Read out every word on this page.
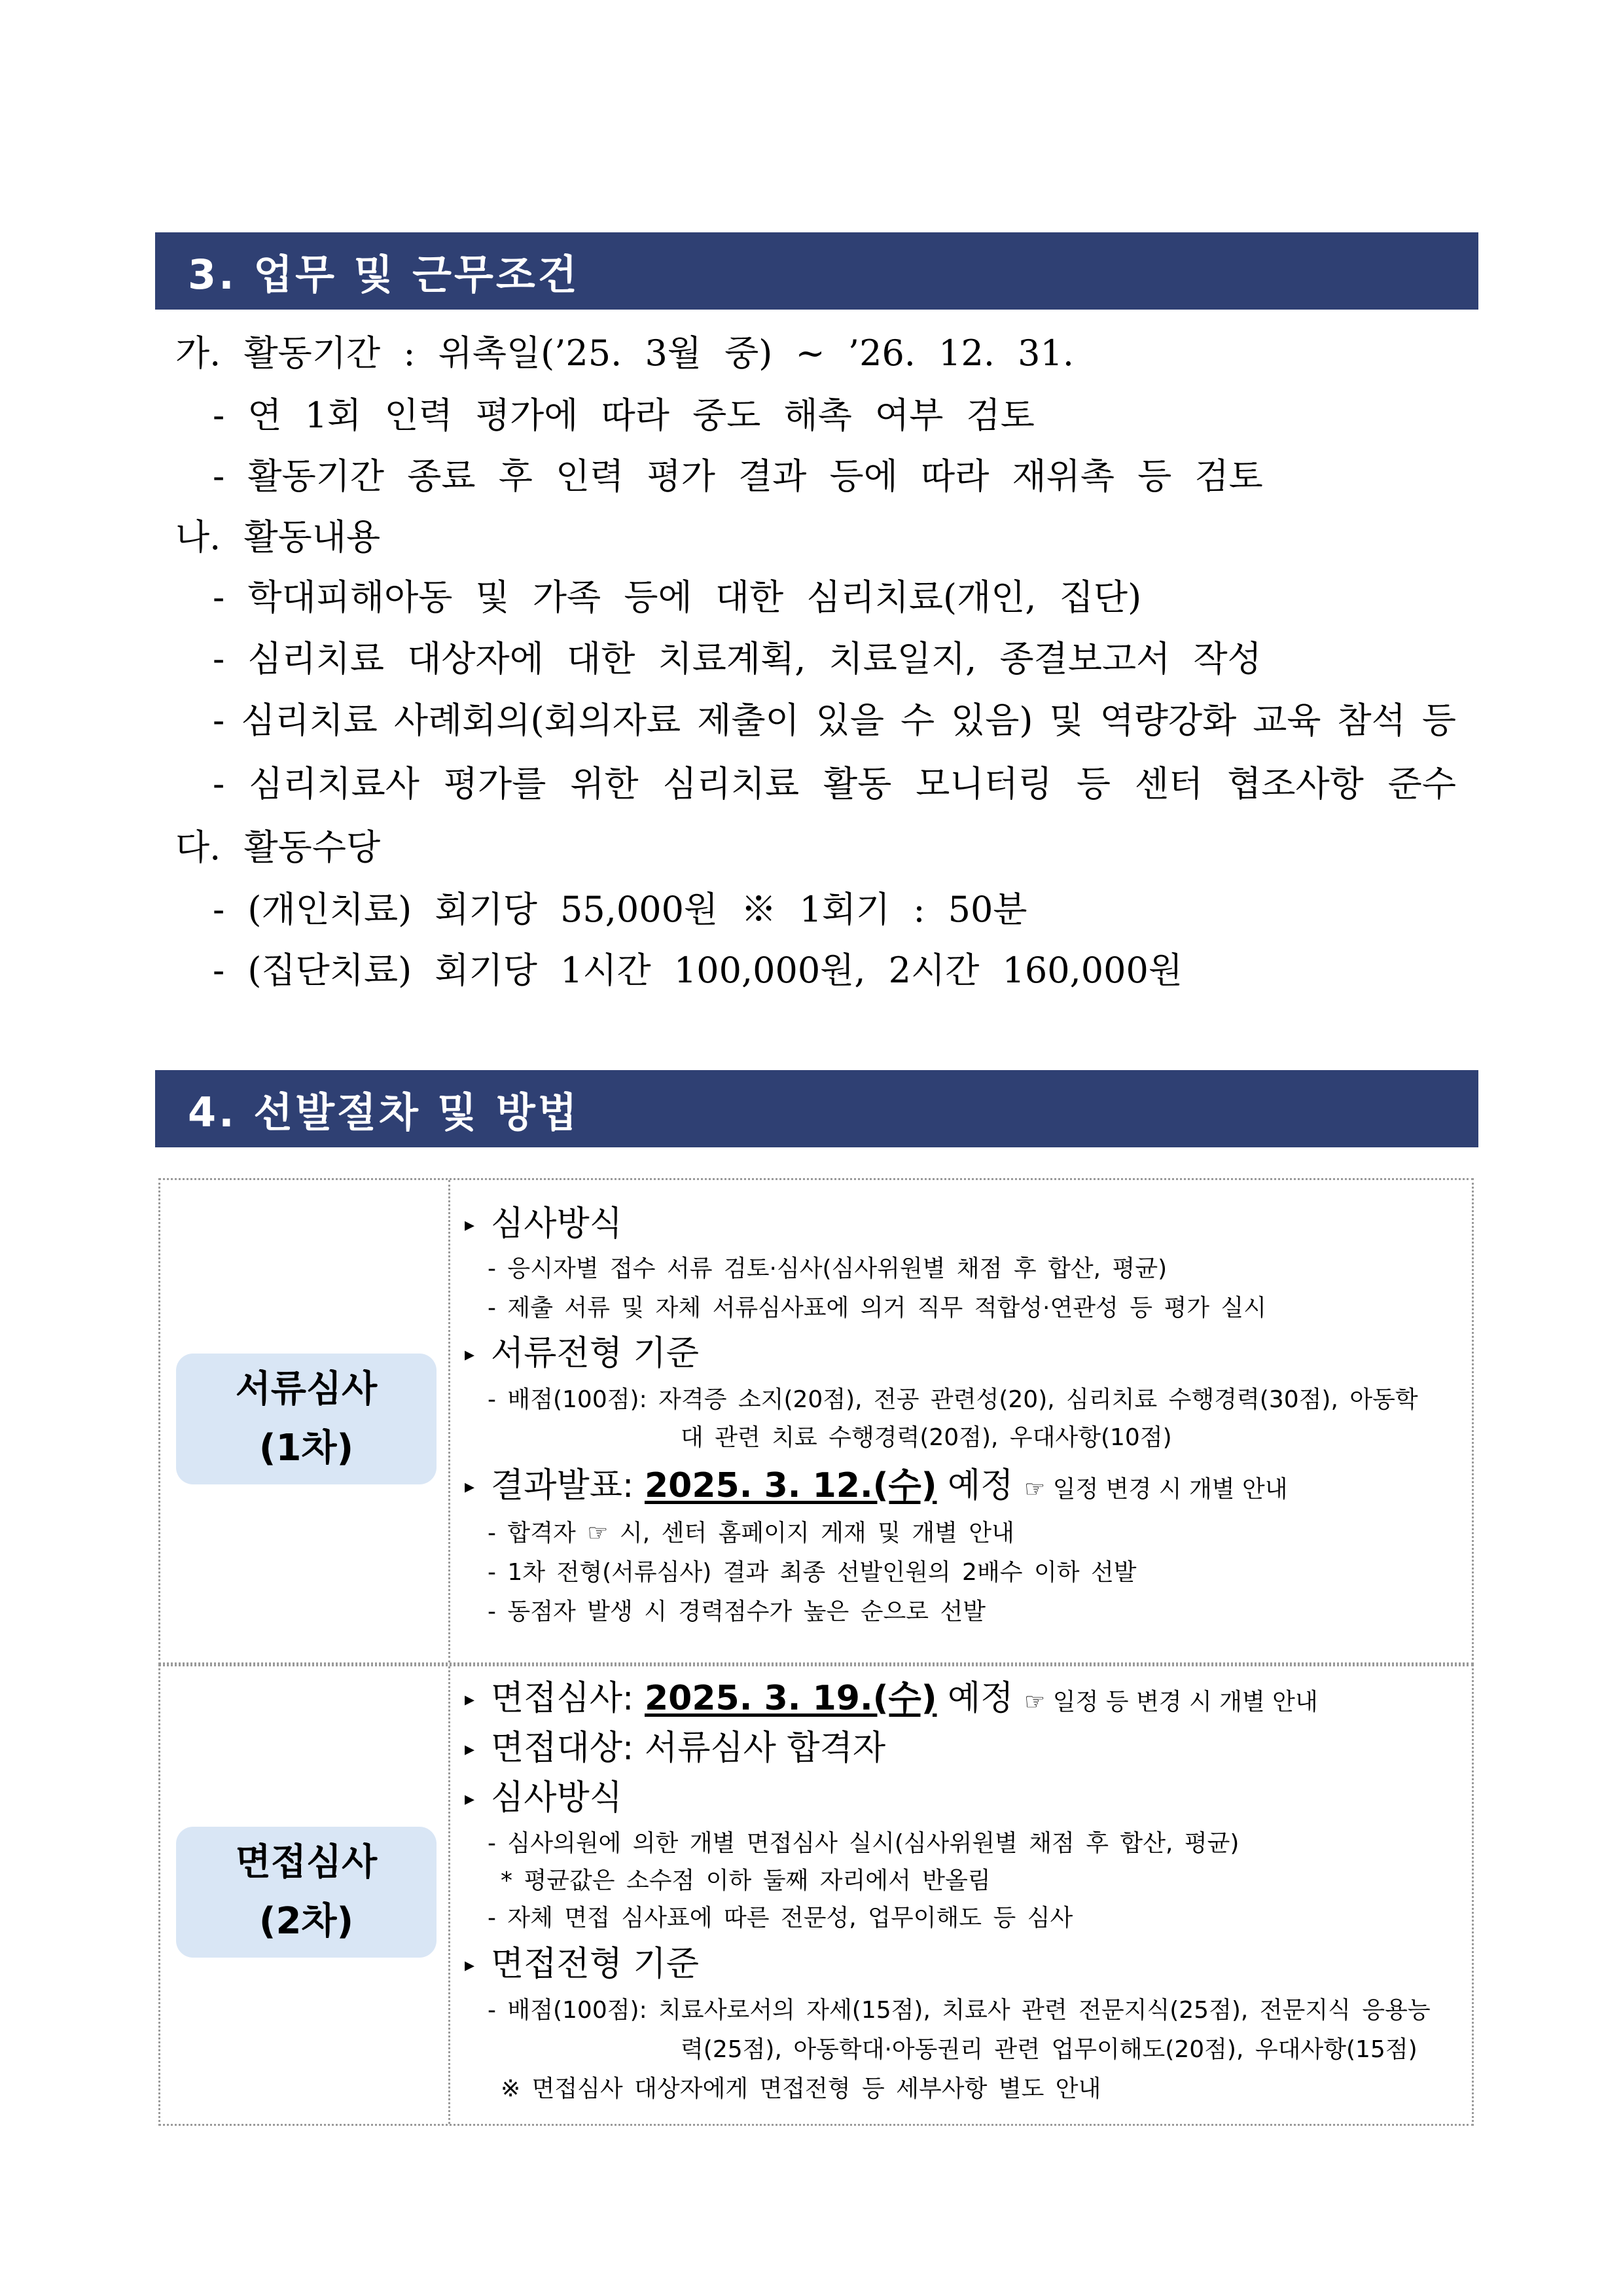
3. 업무 및 근무조건
가. 활동기간 : 위촉일(’25. 3월 중) ~ ’26. 12. 31.
- 연 1회 인력 평가에 따라 중도 해촉 여부 검토
- 활동기간 종료 후 인력 평가 결과 등에 따라 재위촉 등 검토
나. 활동내용
- 학대피해아동 및 가족 등에 대한 심리치료(개인, 집단)
- 심리치료 대상자에 대한 치료계획, 치료일지, 종결보고서 작성
- 심리치료 사례회의(회의자료 제출이 있을 수 있음) 및 역량강화 교육 참석 등
- 심리치료사 평가를 위한 심리치료 활동 모니터링 등 센터 협조사항 준수
다. 활동수당
- (개인치료) 회기당 55,000원 ※ 1회기 : 50분
- (집단치료) 회기당 1시간 100,000원, 2시간 160,000원
4. 선발절차 및 방법
서류심사
(1차)
▸ 심사방식
- 응시자별 접수 서류 검토·심사(심사위원별 채점 후 합산, 평균)
- 제출 서류 및 자체 서류심사표에 의거 직무 적합성·연관성 등 평가 실시
▸ 서류전형 기준
- 배점(100점): 자격증 소지(20점), 전공 관련성(20), 심리치료 수행경력(30점), 아동학
대 관련 치료 수행경력(20점), 우대사항(10점)
▸ 결과발표: 2025. 3. 12.(수) 예정 ☞ 일정 변경 시 개별 안내
- 합격자 ☞ 시, 센터 홈페이지 게재 및 개별 안내
- 1차 전형(서류심사) 결과 최종 선발인원의 2배수 이하 선발
- 동점자 발생 시 경력점수가 높은 순으로 선발
면접심사
(2차)
▸ 면접심사: 2025. 3. 19.(수) 예정 ☞ 일정 등 변경 시 개별 안내
▸ 면접대상: 서류심사 합격자
▸ 심사방식
- 심사의원에 의한 개별 면접심사 실시(심사위원별 채점 후 합산, 평균)
* 평균값은 소수점 이하 둘째 자리에서 반올림
- 자체 면접 심사표에 따른 전문성, 업무이해도 등 심사
▸ 면접전형 기준
- 배점(100점): 치료사로서의 자세(15점), 치료사 관련 전문지식(25점), 전문지식 응용능
력(25점), 아동학대·아동권리 관련 업무이해도(20점), 우대사항(15점)
※ 면접심사 대상자에게 면접전형 등 세부사항 별도 안내
